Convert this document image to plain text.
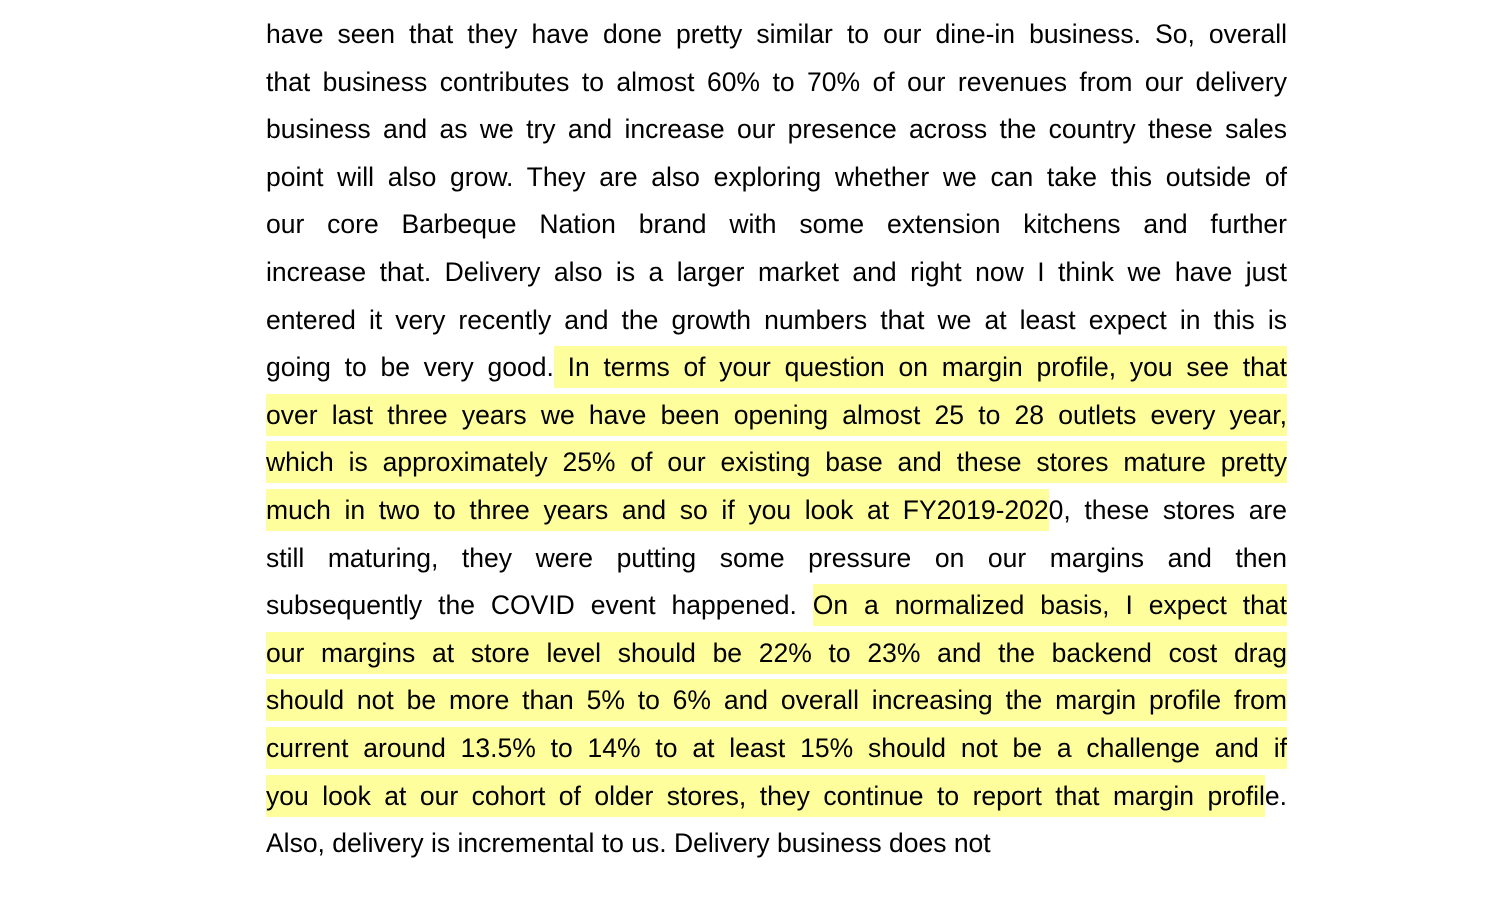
have seen that they have done pretty similar to our dine-in business. So, overall
that business contributes to almost 60% to 70% of our revenues from our delivery
business and as we try and increase our presence across the country these sales
point will also grow. They are also exploring whether we can take this outside of
our core Barbeque Nation brand with some extension kitchens and further
increase that. Delivery also is a larger market and right now I think we have just
entered it very recently and the growth numbers that we at least expect in this is
going to be very good. In terms of your question on margin profile, you see that
over last three years we have been opening almost 25 to 28 outlets every year,
which is approximately 25% of our existing base and these stores mature pretty
much in two to three years and so if you look at FY2019-2020, these stores are
still maturing, they were putting some pressure on our margins and then
subsequently the COVID event happened. On a normalized basis, I expect that
our margins at store level should be 22% to 23% and the backend cost drag
should not be more than 5% to 6% and overall increasing the margin profile from
current around 13.5% to 14% to at least 15% should not be a challenge and if
you look at our cohort of older stores, they continue to report that margin profile.
Also, delivery is incremental to us. Delivery business does not
